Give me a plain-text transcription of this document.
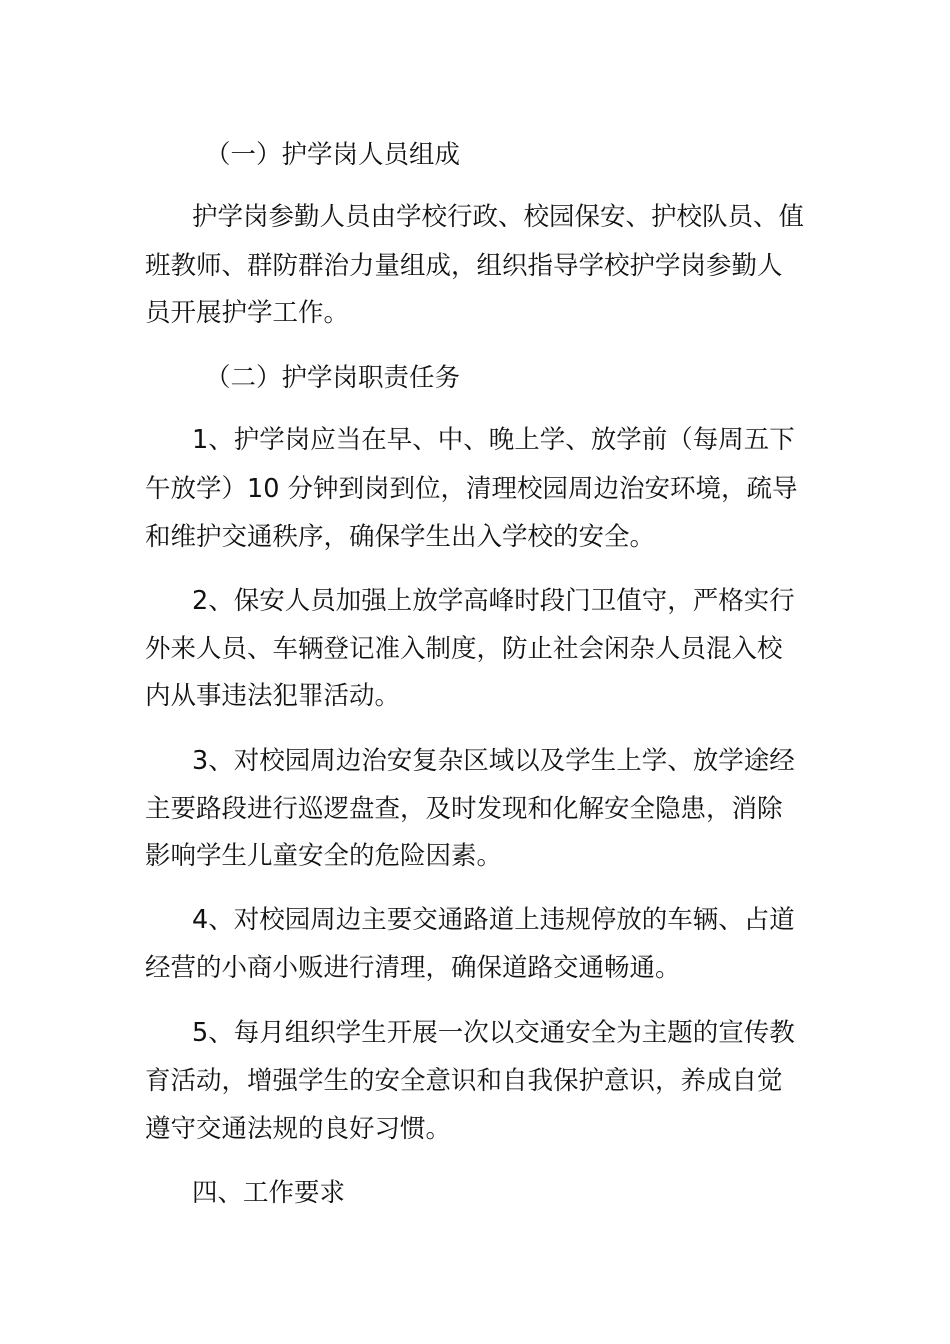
（一）护学岗人员组成
护学岗参勤人员由学校行政、校园保安、护校队员、值
班教师、群防群治力量组成，组织指导学校护学岗参勤人
员开展护学工作。
（二）护学岗职责任务
1、护学岗应当在早、中、晚上学、放学前（每周五下
午放学）10 分钟到岗到位，清理校园周边治安环境，疏导
和维护交通秩序，确保学生出入学校的安全。
2、保安人员加强上放学高峰时段门卫值守，严格实行
外来人员、车辆登记准入制度，防止社会闲杂人员混入校
内从事违法犯罪活动。
3、对校园周边治安复杂区域以及学生上学、放学途经
主要路段进行巡逻盘查，及时发现和化解安全隐患，消除
影响学生儿童安全的危险因素。
4、对校园周边主要交通路道上违规停放的车辆、占道
经营的小商小贩进行清理，确保道路交通畅通。
5、每月组织学生开展一次以交通安全为主题的宣传教
育活动，增强学生的安全意识和自我保护意识，养成自觉
遵守交通法规的良好习惯。
四、工作要求
